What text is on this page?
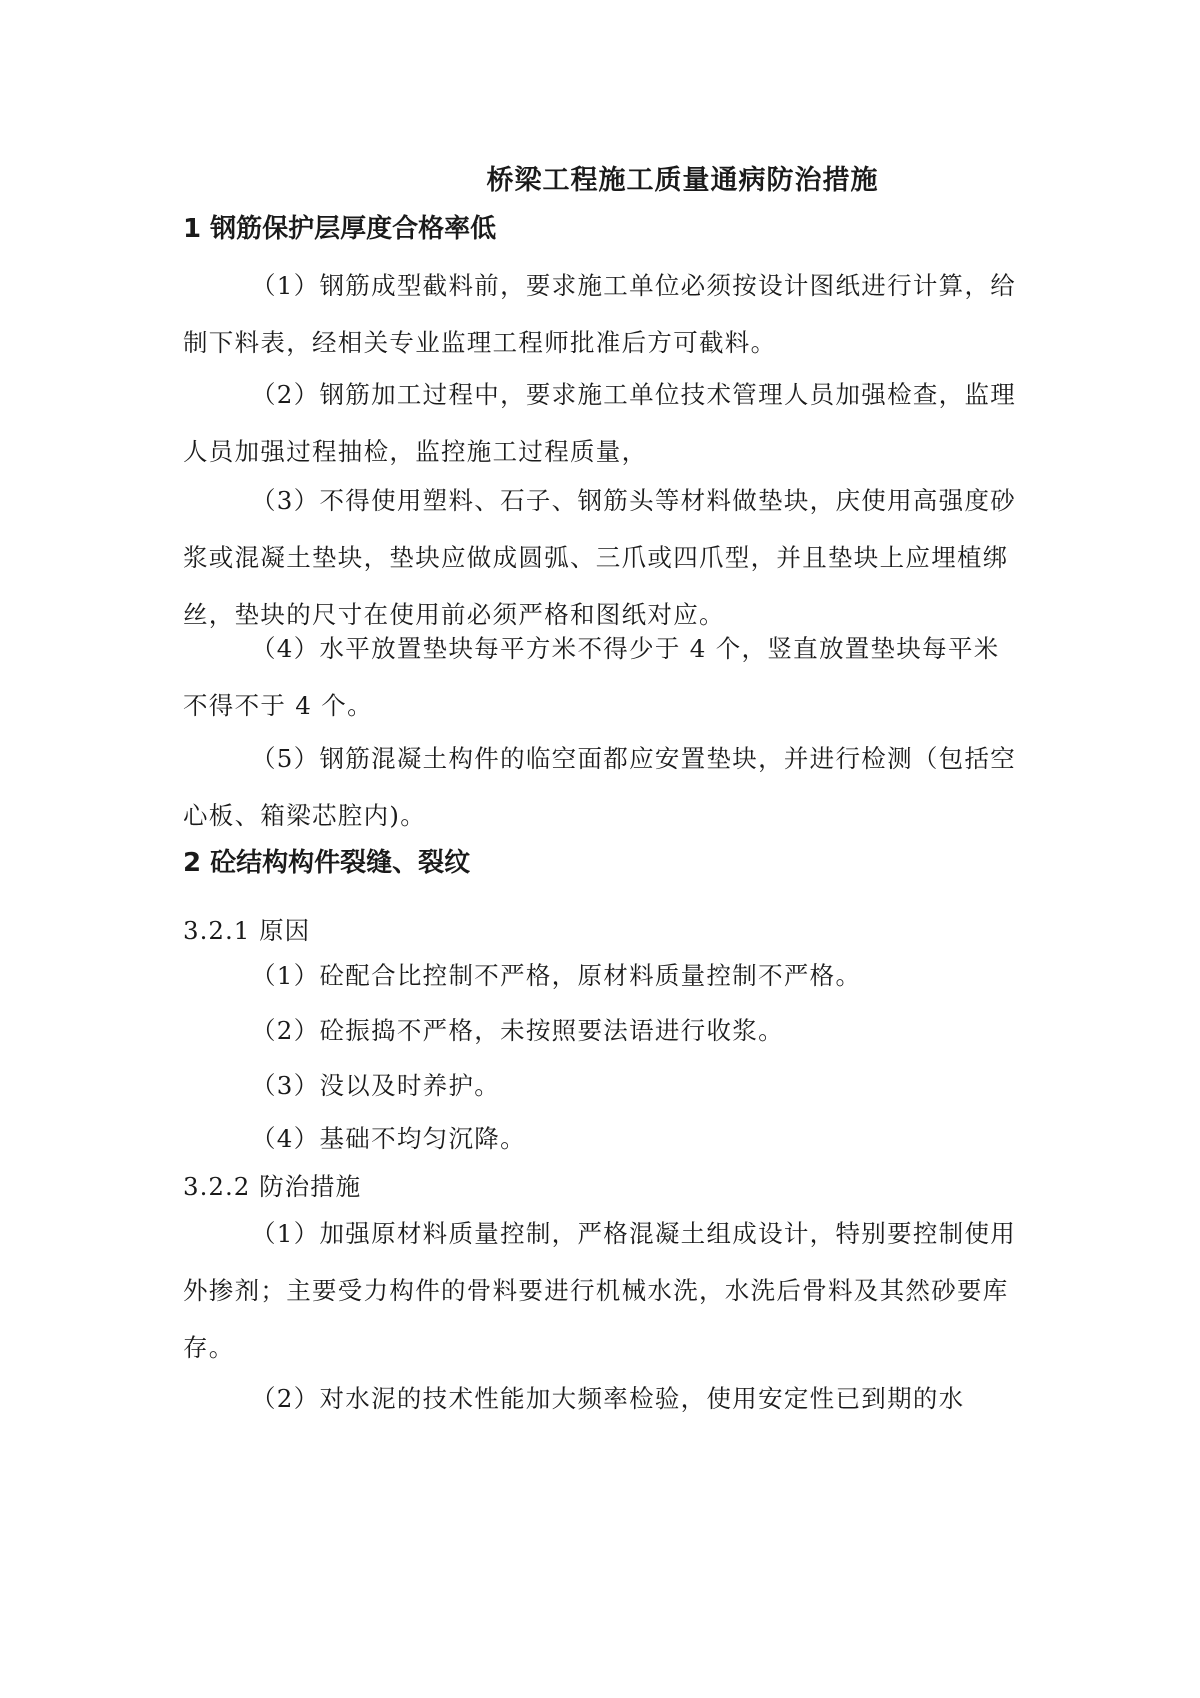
桥梁工程施工质量通病防治措施
1 钢筋保护层厚度合格率低

（1）钢筋成型截料前，要求施工单位必须按设计图纸进行计算，给制下料表，经相关专业监理工程师批准后方可截料。

（2）钢筋加工过程中，要求施工单位技术管理人员加强检查，监理人员加强过程抽检，监控施工过程质量，

（3）不得使用塑料、石子、钢筋头等材料做垫块，庆使用高强度砂浆或混凝土垫块，垫块应做成圆弧、三爪或四爪型，并且垫块上应埋植绑丝，垫块的尺寸在使用前必须严格和图纸对应。

（4）水平放置垫块每平方米不得少于 4 个，竖直放置垫块每平米不得不于 4 个。

（5）钢筋混凝土构件的临空面都应安置垫块，并进行检测（包括空心板、箱梁芯腔内)。

2 砼结构构件裂缝、裂纹
3.2.1 原因

（1）砼配合比控制不严格，原材料质量控制不严格。

（2）砼振捣不严格，未按照要法语进行收浆。

（3）没以及时养护。

（4）基础不均匀沉降。

3.2.2 防治措施

（1）加强原材料质量控制，严格混凝土组成设计，特别要控制使用外掺剂；主要受力构件的骨料要进行机械水洗，水洗后骨料及其然砂要库存。

（2）对水泥的技术性能加大频率检验，使用安定性已到期的水
